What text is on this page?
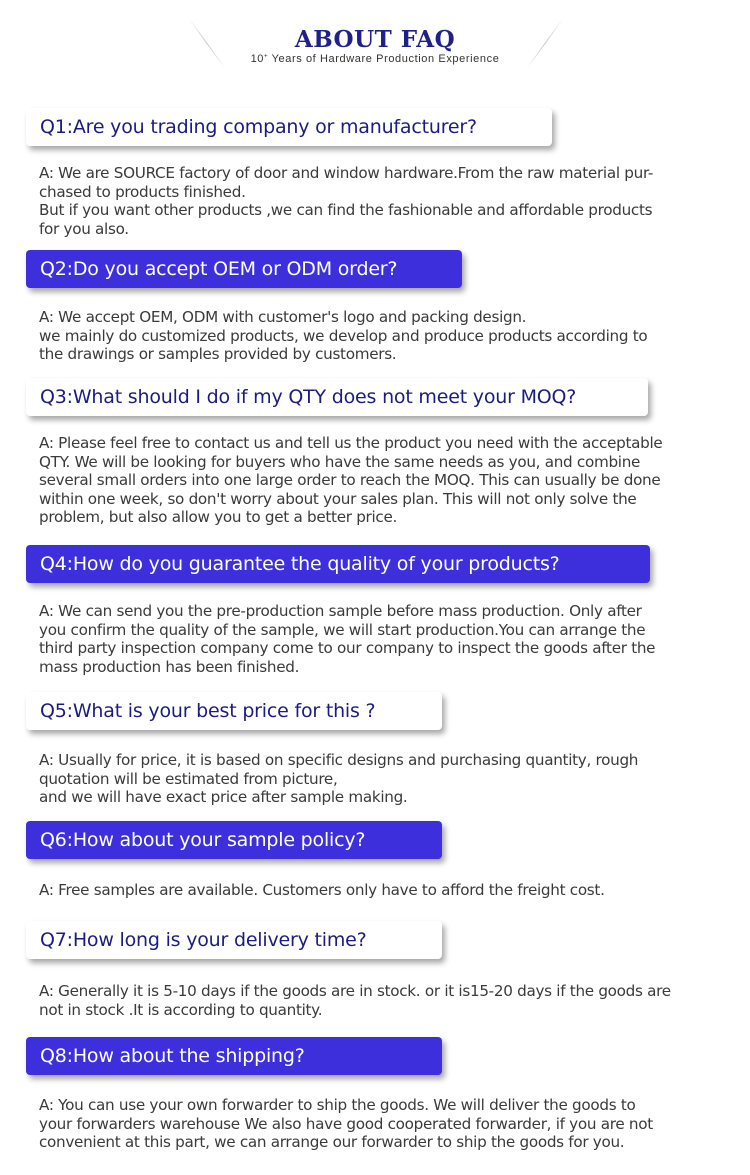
ABOUT FAQ
10+ Years of Hardware Production Experience
Q1:Are you trading company or manufacturer?
A: We are SOURCE factory of door and window hardware.From the raw material pur-
chased to products finished.
But if you want other products ,we can find the fashionable and affordable products
for you also.
Q2:Do you accept OEM or ODM order?
A: We accept OEM, ODM with customer's logo and packing design.
we mainly do customized products, we develop and produce products according to
the drawings or samples provided by customers.
Q3:What should I do if my QTY does not meet your MOQ?
A: Please feel free to contact us and tell us the product you need with the acceptable
QTY. We will be looking for buyers who have the same needs as you, and combine
several small orders into one large order to reach the MOQ. This can usually be done
within one week, so don't worry about your sales plan. This will not only solve the
problem, but also allow you to get a better price.
Q4:How do you guarantee the quality of your products?
A: We can send you the pre-production sample before mass production. Only after
you confirm the quality of the sample, we will start production.You can arrange the
third party inspection company come to our company to inspect the goods after the
mass production has been finished.
Q5:What is your best price for this ?
A: Usually for price, it is based on specific designs and purchasing quantity, rough
quotation will be estimated from picture,
and we will have exact price after sample making.
Q6:How about your sample policy?
A: Free samples are available. Customers only have to afford the freight cost.
Q7:How long is your delivery time?
A: Generally it is 5-10 days if the goods are in stock. or it is15-20 days if the goods are
not in stock .It is according to quantity.
Q8:How about the shipping?
A: You can use your own forwarder to ship the goods. We will deliver the goods to
your forwarders warehouse We also have good cooperated forwarder, if you are not
convenient at this part, we can arrange our forwarder to ship the goods for you.
